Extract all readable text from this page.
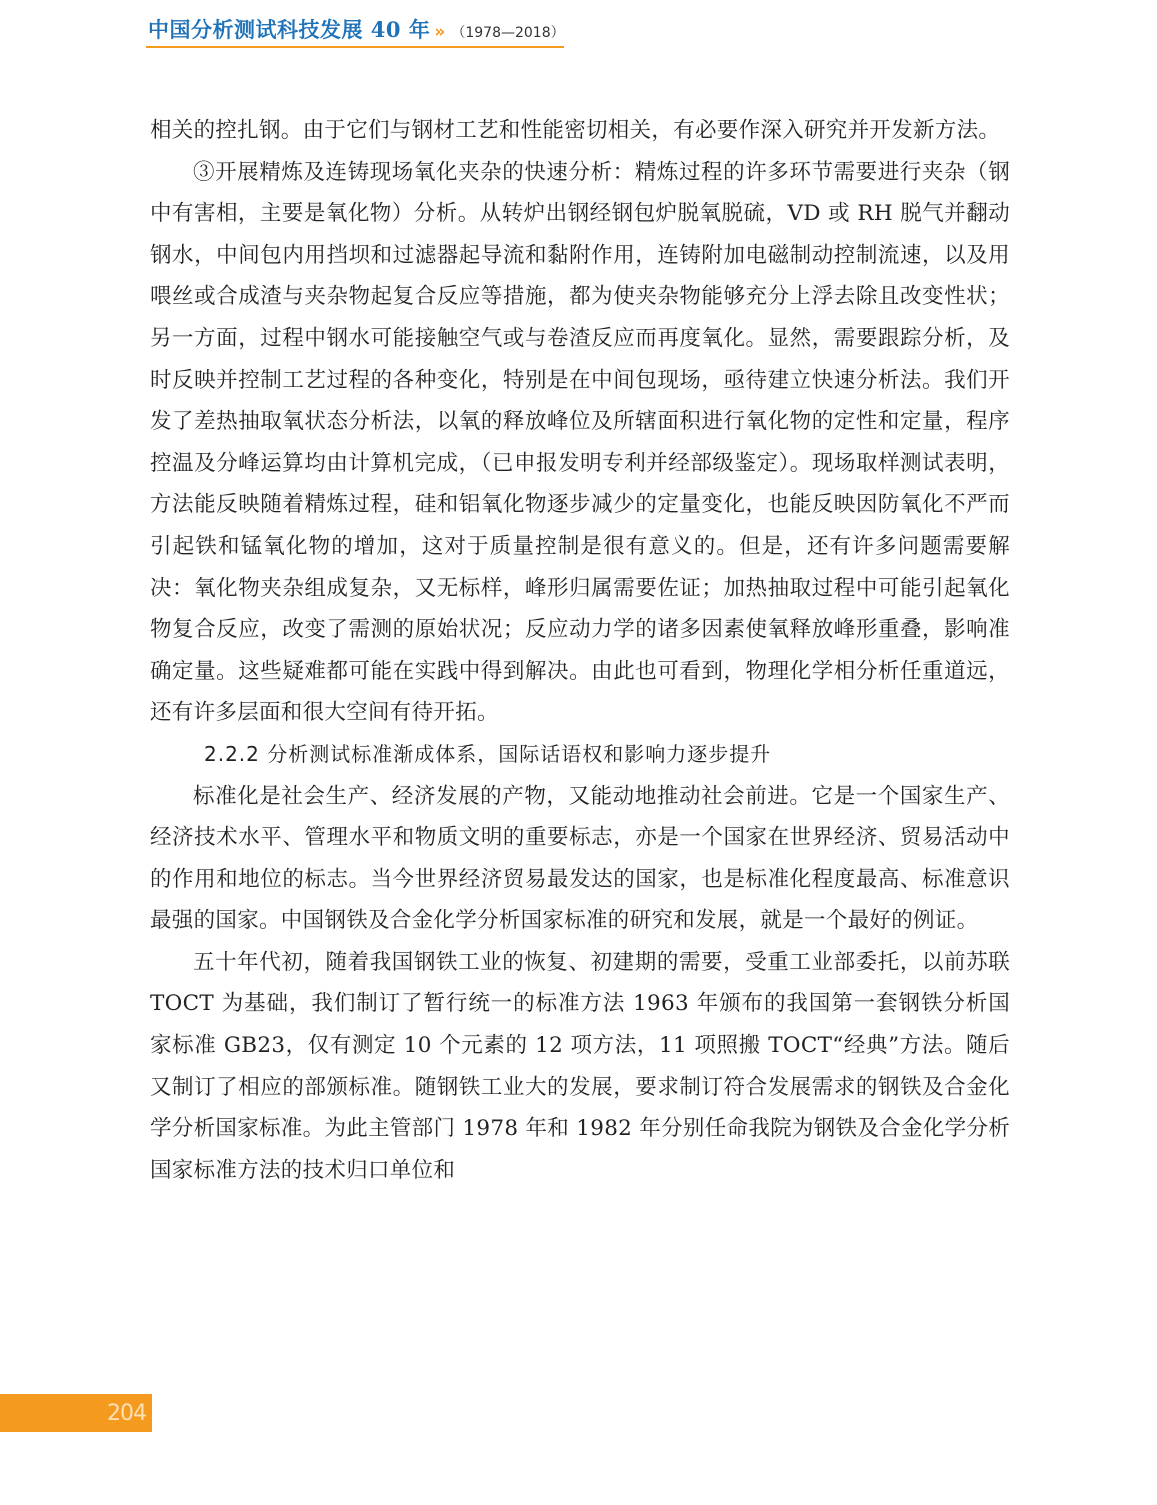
中国分析测试科技发展 40 年 » （1978—2018）

相关的控扎钢。由于它们与钢材工艺和性能密切相关，有必要作深入研究并开发新方法。

③开展精炼及连铸现场氧化夹杂的快速分析：精炼过程的许多环节需要进行夹杂（钢中有害相，主要是氧化物）分析。从转炉出钢经钢包炉脱氧脱硫，VD 或 RH 脱气并翻动钢水，中间包内用挡坝和过滤器起导流和黏附作用，连铸附加电磁制动控制流速，以及用喂丝或合成渣与夹杂物起复合反应等措施，都为使夹杂物能够充分上浮去除且改变性状；另一方面，过程中钢水可能接触空气或与卷渣反应而再度氧化。显然，需要跟踪分析，及时反映并控制工艺过程的各种变化，特别是在中间包现场，亟待建立快速分析法。我们开发了差热抽取氧状态分析法，以氧的释放峰位及所辖面积进行氧化物的定性和定量，程序控温及分峰运算均由计算机完成，（已申报发明专利并经部级鉴定）。现场取样测试表明，方法能反映随着精炼过程，硅和铝氧化物逐步减少的定量变化，也能反映因防氧化不严而引起铁和锰氧化物的增加，这对于质量控制是很有意义的。但是，还有许多问题需要解决：氧化物夹杂组成复杂，又无标样，峰形归属需要佐证；加热抽取过程中可能引起氧化物复合反应，改变了需测的原始状况；反应动力学的诸多因素使氧释放峰形重叠，影响准确定量。这些疑难都可能在实践中得到解决。由此也可看到，物理化学相分析任重道远，还有许多层面和很大空间有待开拓。

2.2.2 分析测试标准渐成体系，国际话语权和影响力逐步提升

标准化是社会生产、经济发展的产物，又能动地推动社会前进。它是一个国家生产、经济技术水平、管理水平和物质文明的重要标志，亦是一个国家在世界经济、贸易活动中的作用和地位的标志。当今世界经济贸易最发达的国家，也是标准化程度最高、标准意识最强的国家。中国钢铁及合金化学分析国家标准的研究和发展，就是一个最好的例证。

五十年代初，随着我国钢铁工业的恢复、初建期的需要，受重工业部委托，以前苏联 TOCT 为基础，我们制订了暂行统一的标准方法 1963 年颁布的我国第一套钢铁分析国家标准 GB23，仅有测定 10 个元素的 12 项方法，11 项照搬 TOCT“经典”方法。随后又制订了相应的部颁标准。随钢铁工业大的发展，要求制订符合发展需求的钢铁及合金化学分析国家标准。为此主管部门 1978 年和 1982 年分别任命我院为钢铁及合金化学分析国家标准方法的技术归口单位和

204
